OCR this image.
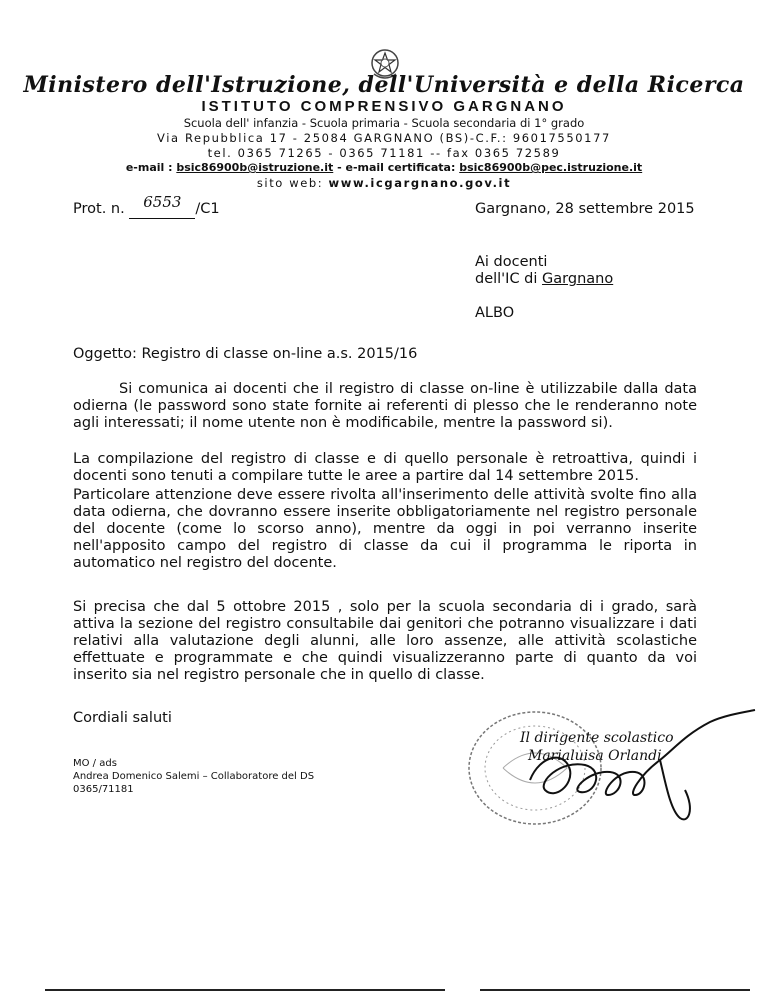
Ministero dell'Istruzione, dell'Università e della Ricerca
ISTITUTO COMPRENSIVO GARGNANO
Scuola dell' infanzia - Scuola primaria - Scuola secondaria di 1° grado
Via Repubblica 17 - 25084 GARGNANO (BS)-C.F.: 96017550177
tel. 0365 71265 - 0365 71181 -- fax 0365 72589
e-mail : bsic86900b@istruzione.it - e-mail certificata: bsic86900b@pec.istruzione.it
sito web: www.icgargnano.gov.it
Prot. n. 6553 /C1	Gargnano, 28 settembre 2015
Ai docenti
dell'IC di Gargnano
ALBO
Oggetto: Registro di classe on-line a.s. 2015/16
Si comunica ai docenti che il registro di classe on-line è utilizzabile dalla data odierna (le password sono state fornite ai referenti di plesso che le renderanno note agli interessati; il nome utente non è modificabile, mentre la password si).
La compilazione del registro di classe e di quello personale è retroattiva, quindi i docenti sono tenuti a compilare tutte le aree a partire dal 14 settembre 2015.
Particolare attenzione deve essere rivolta all'inserimento delle attività svolte fino alla data odierna, che dovranno essere inserite obbligatoriamente nel registro personale del docente (come lo scorso anno), mentre da oggi in poi verranno inserite nell'apposito campo del registro di classe da cui il programma le riporta in automatico nel registro del docente.
Si precisa che dal 5 ottobre 2015 , solo per la scuola secondaria di i grado, sarà attiva la sezione del registro consultabile dai genitori che potranno visualizzare i dati relativi alla valutazione degli alunni, alle loro assenze, alle attività scolastiche effettuate e programmate e che quindi visualizzeranno parte di quanto da voi inserito sia nel registro personale che in quello di classe.
Cordiali saluti
MO / ads
Andrea Domenico Salemi – Collaboratore del DS
0365/71181
Il dirigente scolastico
Marialuisa Orlandi
